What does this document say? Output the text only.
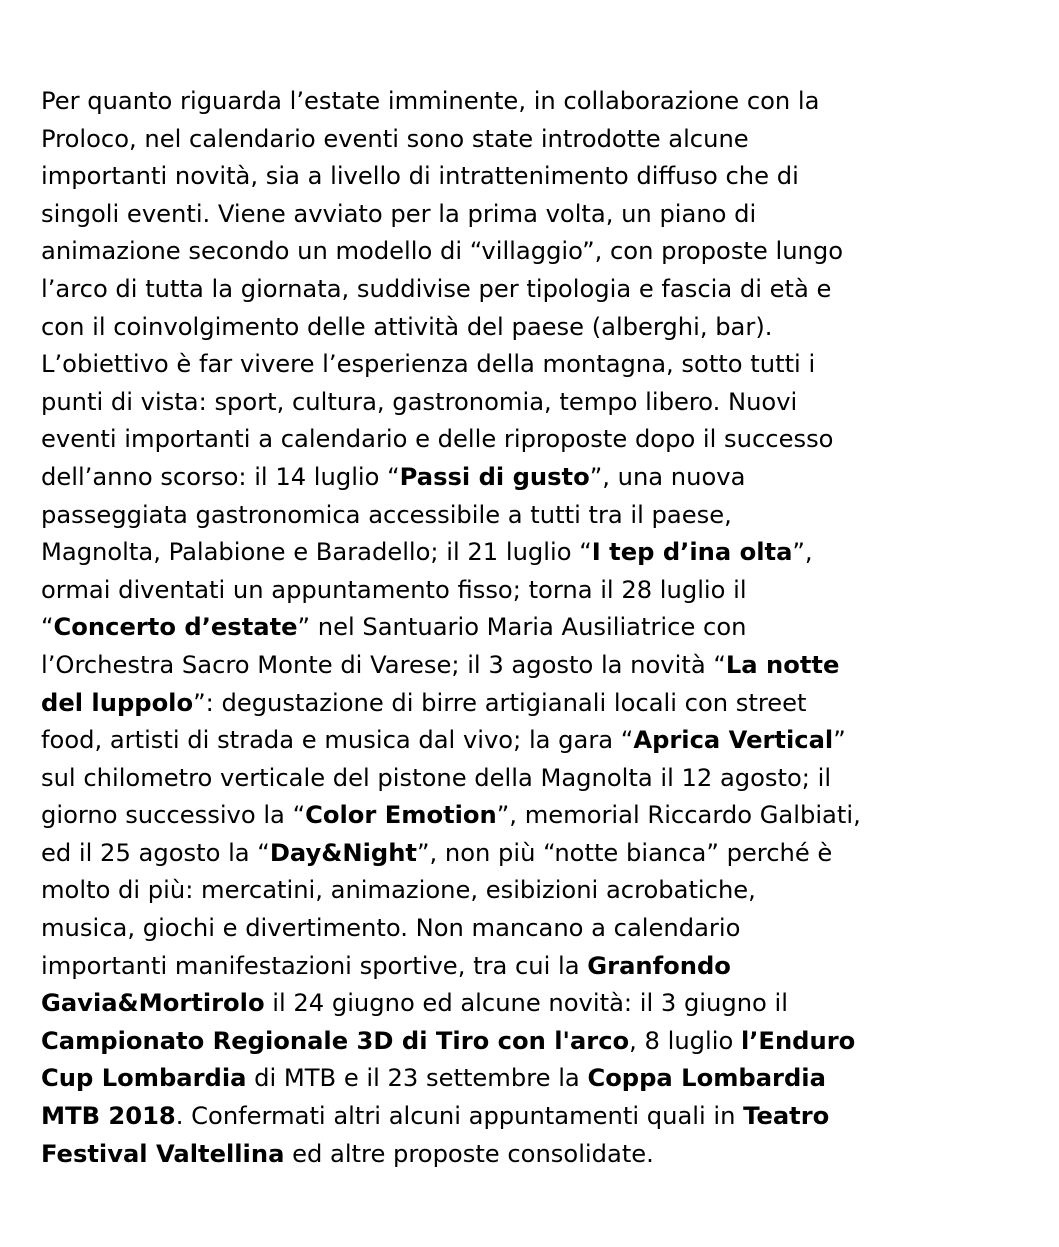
Per quanto riguarda l’estate imminente, in collaborazione con la
Proloco, nel calendario eventi sono state introdotte alcune
importanti novità, sia a livello di intrattenimento diffuso che di
singoli eventi. Viene avviato per la prima volta, un piano di
animazione secondo un modello di “villaggio”, con proposte lungo
l’arco di tutta la giornata, suddivise per tipologia e fascia di età e
con il coinvolgimento delle attività del paese (alberghi, bar).
L’obiettivo è far vivere l’esperienza della montagna, sotto tutti i
punti di vista: sport, cultura, gastronomia, tempo libero. Nuovi
eventi importanti a calendario e delle riproposte dopo il successo
dell’anno scorso: il 14 luglio “Passi di gusto”, una nuova
passeggiata gastronomica accessibile a tutti tra il paese,
Magnolta, Palabione e Baradello; il 21 luglio “I tep d’ina olta”,
ormai diventati un appuntamento fisso; torna il 28 luglio il
“Concerto d’estate” nel Santuario Maria Ausiliatrice con
l’Orchestra Sacro Monte di Varese; il 3 agosto la novità “La notte
del luppolo”: degustazione di birre artigianali locali con street
food, artisti di strada e musica dal vivo; la gara “Aprica Vertical”
sul chilometro verticale del pistone della Magnolta il 12 agosto; il
giorno successivo la “Color Emotion”, memorial Riccardo Galbiati,
ed il 25 agosto la “Day&Night”, non più “notte bianca” perché è
molto di più: mercatini, animazione, esibizioni acrobatiche,
musica, giochi e divertimento. Non mancano a calendario
importanti manifestazioni sportive, tra cui la Granfondo
Gavia&Mortirolo il 24 giugno ed alcune novità: il 3 giugno il
Campionato Regionale 3D di Tiro con l'arco, 8 luglio l’Enduro
Cup Lombardia di MTB e il 23 settembre la Coppa Lombardia
MTB 2018. Confermati altri alcuni appuntamenti quali in Teatro
Festival Valtellina ed altre proposte consolidate.
